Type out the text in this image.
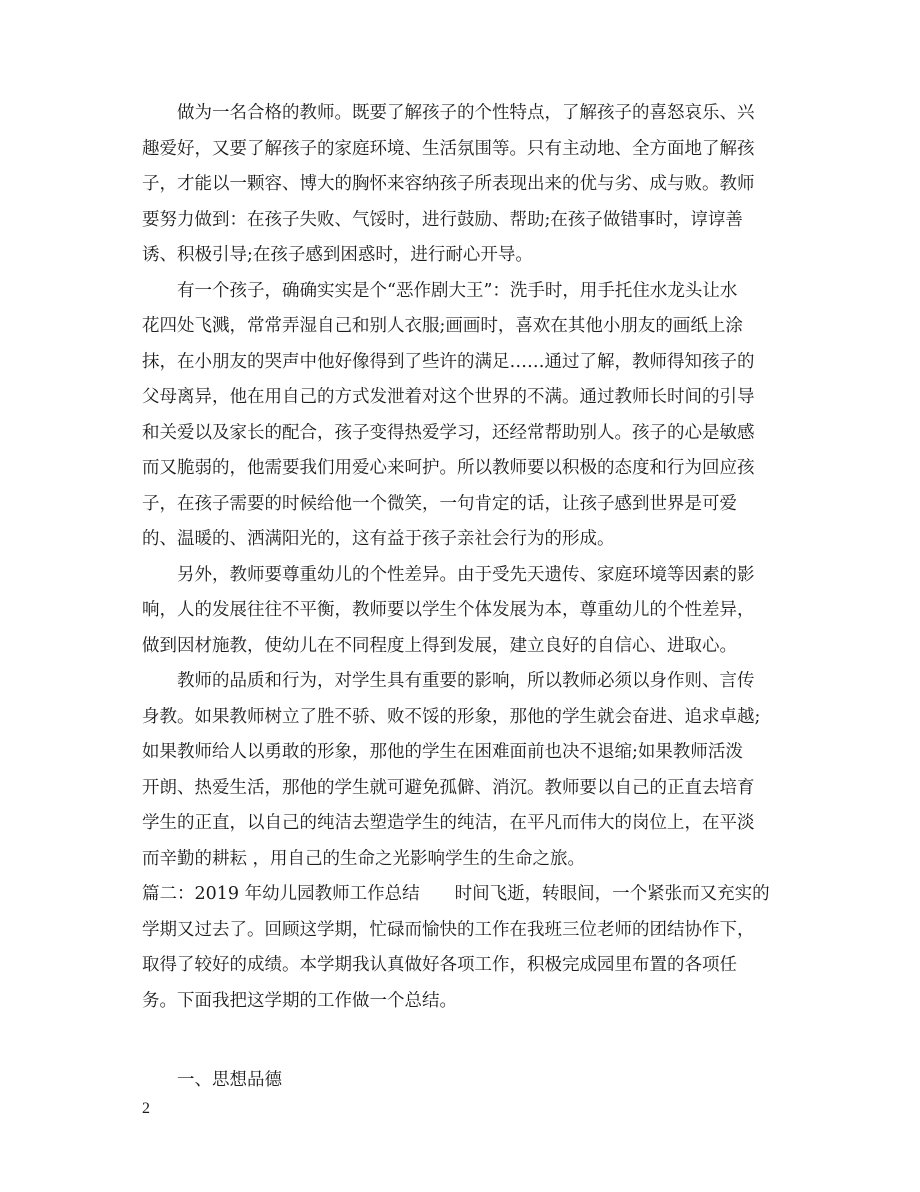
做为一名合格的教师。既要了解孩子的个性特点，了解孩子的喜怒哀乐、兴
趣爱好，又要了解孩子的家庭环境、生活氛围等。只有主动地、全方面地了解孩
子，才能以一颗容、博大的胸怀来容纳孩子所表现出来的优与劣、成与败。教师
要努力做到：在孩子失败、气馁时，进行鼓励、帮助;在孩子做错事时，谆谆善
诱、积极引导;在孩子感到困惑时，进行耐心开导。
有一个孩子，确确实实是个“恶作剧大王”：洗手时，用手托住水龙头让水
花四处飞溅，常常弄湿自己和别人衣服;画画时，喜欢在其他小朋友的画纸上涂
抹，在小朋友的哭声中他好像得到了些许的满足……通过了解，教师得知孩子的
父母离异，他在用自己的方式发泄着对这个世界的不满。通过教师长时间的引导
和关爱以及家长的配合，孩子变得热爱学习，还经常帮助别人。孩子的心是敏感
而又脆弱的，他需要我们用爱心来呵护。所以教师要以积极的态度和行为回应孩
子，在孩子需要的时候给他一个微笑，一句肯定的话，让孩子感到世界是可爱
的、温暖的、洒满阳光的，这有益于孩子亲社会行为的形成。
另外，教师要尊重幼儿的个性差异。由于受先天遗传、家庭环境等因素的影
响，人的发展往往不平衡，教师要以学生个体发展为本，尊重幼儿的个性差异，
做到因材施教，使幼儿在不同程度上得到发展，建立良好的自信心、进取心。
教师的品质和行为，对学生具有重要的影响，所以教师必须以身作则、言传
身教。如果教师树立了胜不骄、败不馁的形象，那他的学生就会奋进、追求卓越;
如果教师给人以勇敢的形象，那他的学生在困难面前也决不退缩;如果教师活泼
开朗、热爱生活，那他的学生就可避免孤僻、消沉。教师要以自己的正直去培育
学生的正直，以自己的纯洁去塑造学生的纯洁，在平凡而伟大的岗位上，在平淡
而辛勤的耕耘 ，用自己的生命之光影响学生的生命之旅。
篇二：2019 年幼儿园教师工作总结　　时间飞逝，转眼间，一个紧张而又充实的
学期又过去了。回顾这学期，忙碌而愉快的工作在我班三位老师的团结协作下，
取得了较好的成绩。本学期我认真做好各项工作，积极完成园里布置的各项任
务。下面我把这学期的工作做一个总结。
一、思想品德
2
